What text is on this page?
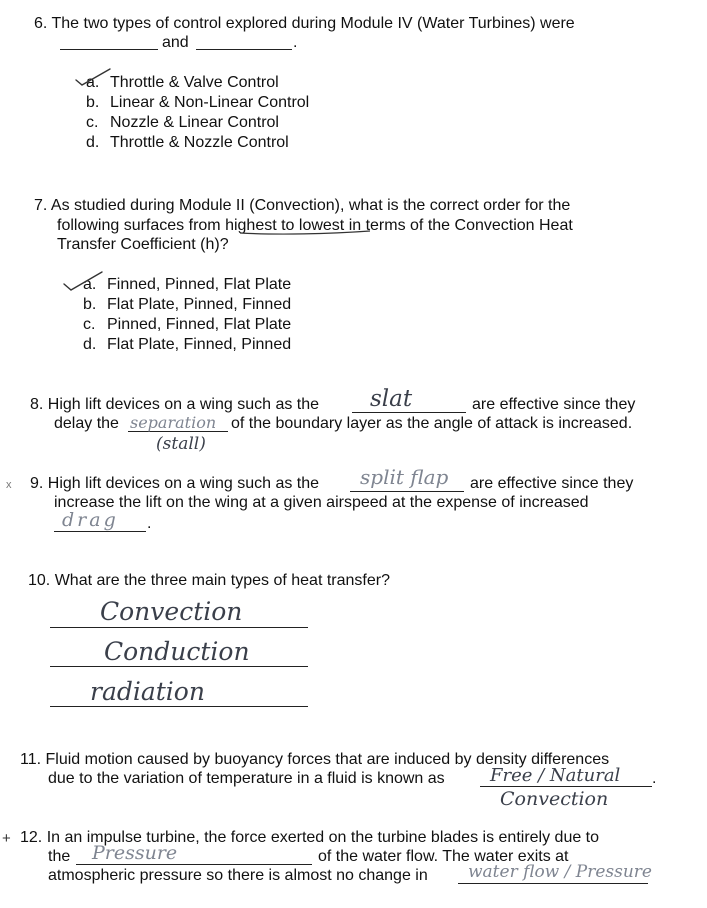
6. The two types of control explored during Module IV (Water Turbines) were
and	.
a. Throttle & Valve Control
b. Linear & Non-Linear Control
c. Nozzle & Linear Control
d. Throttle & Nozzle Control
7. As studied during Module II (Convection), what is the correct order for the
following surfaces from highest to lowest in terms of the Convection Heat
Transfer Coefficient (h)?
a. Finned, Pinned, Flat Plate
b. Flat Plate, Pinned, Finned
c. Pinned, Finned, Flat Plate
d. Flat Plate, Finned, Pinned
8. High lift devices on a wing such as the slat	are effective since they
delay the separation of the boundary layer as the angle of attack is increased.
(stall)
x 9. High lift devices on a wing such as the split flap are effective since they
increase the lift on the wing at a given airspeed at the expense of increased
drag .
10. What are the three main types of heat transfer?
Convection
Conduction
radiation
11. Fluid motion caused by buoyancy forces that are induced by density differences
due to the variation of temperature in a fluid is known as	Free / Natural .
Convection
+ 12. In an impulse turbine, the force exerted on the turbine blades is entirely due to
the Pressure	of the water flow. The water exits at
atmospheric pressure so there is almost no change in water flow / Pressure
